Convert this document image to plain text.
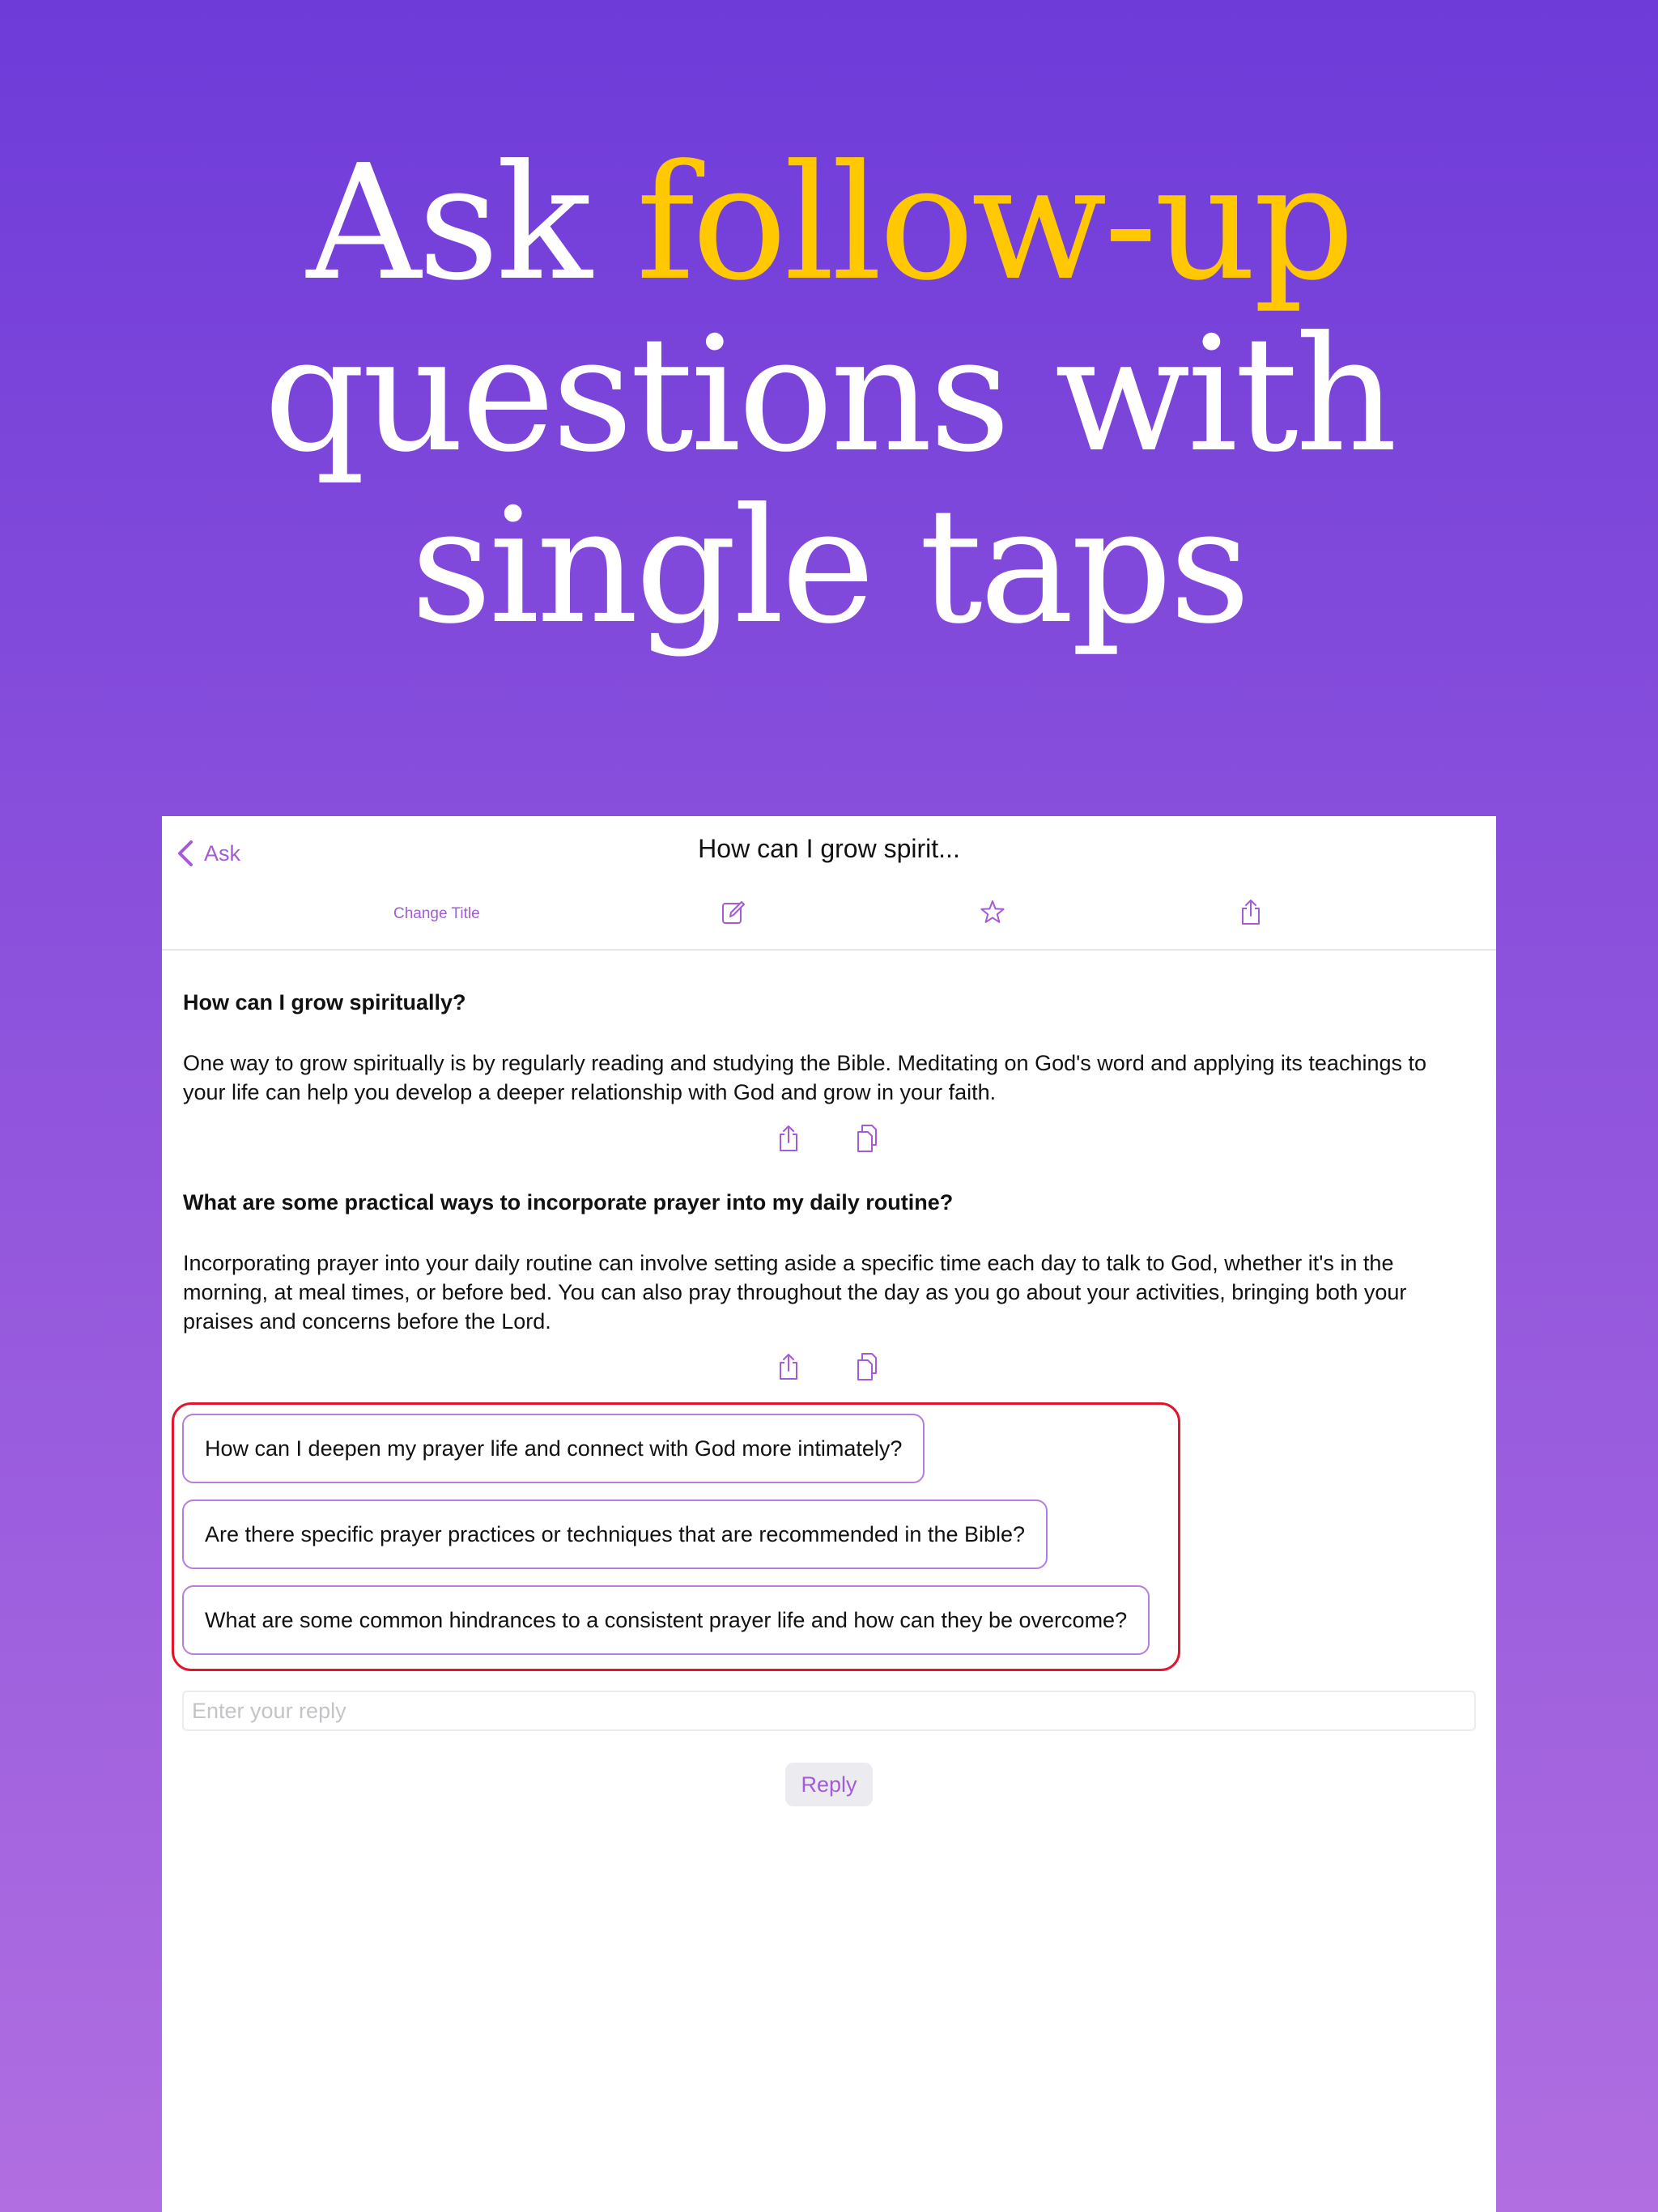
Ask follow-up
questions with
single taps
Ask	How can I grow spirit...
Change Title

How can I grow spiritually?

One way to grow spiritually is by regularly reading and studying the Bible. Meditating on God's word and applying its teachings to your life can help you develop a deeper relationship with God and grow in your faith.

What are some practical ways to incorporate prayer into my daily routine?

Incorporating prayer into your daily routine can involve setting aside a specific time each day to talk to God, whether it's in the morning, at meal times, or before bed. You can also pray throughout the day as you go about your activities, bringing both your praises and concerns before the Lord.

How can I deepen my prayer life and connect with God more intimately?
Are there specific prayer practices or techniques that are recommended in the Bible?
What are some common hindrances to a consistent prayer life and how can they be overcome?
Enter your reply
Reply
